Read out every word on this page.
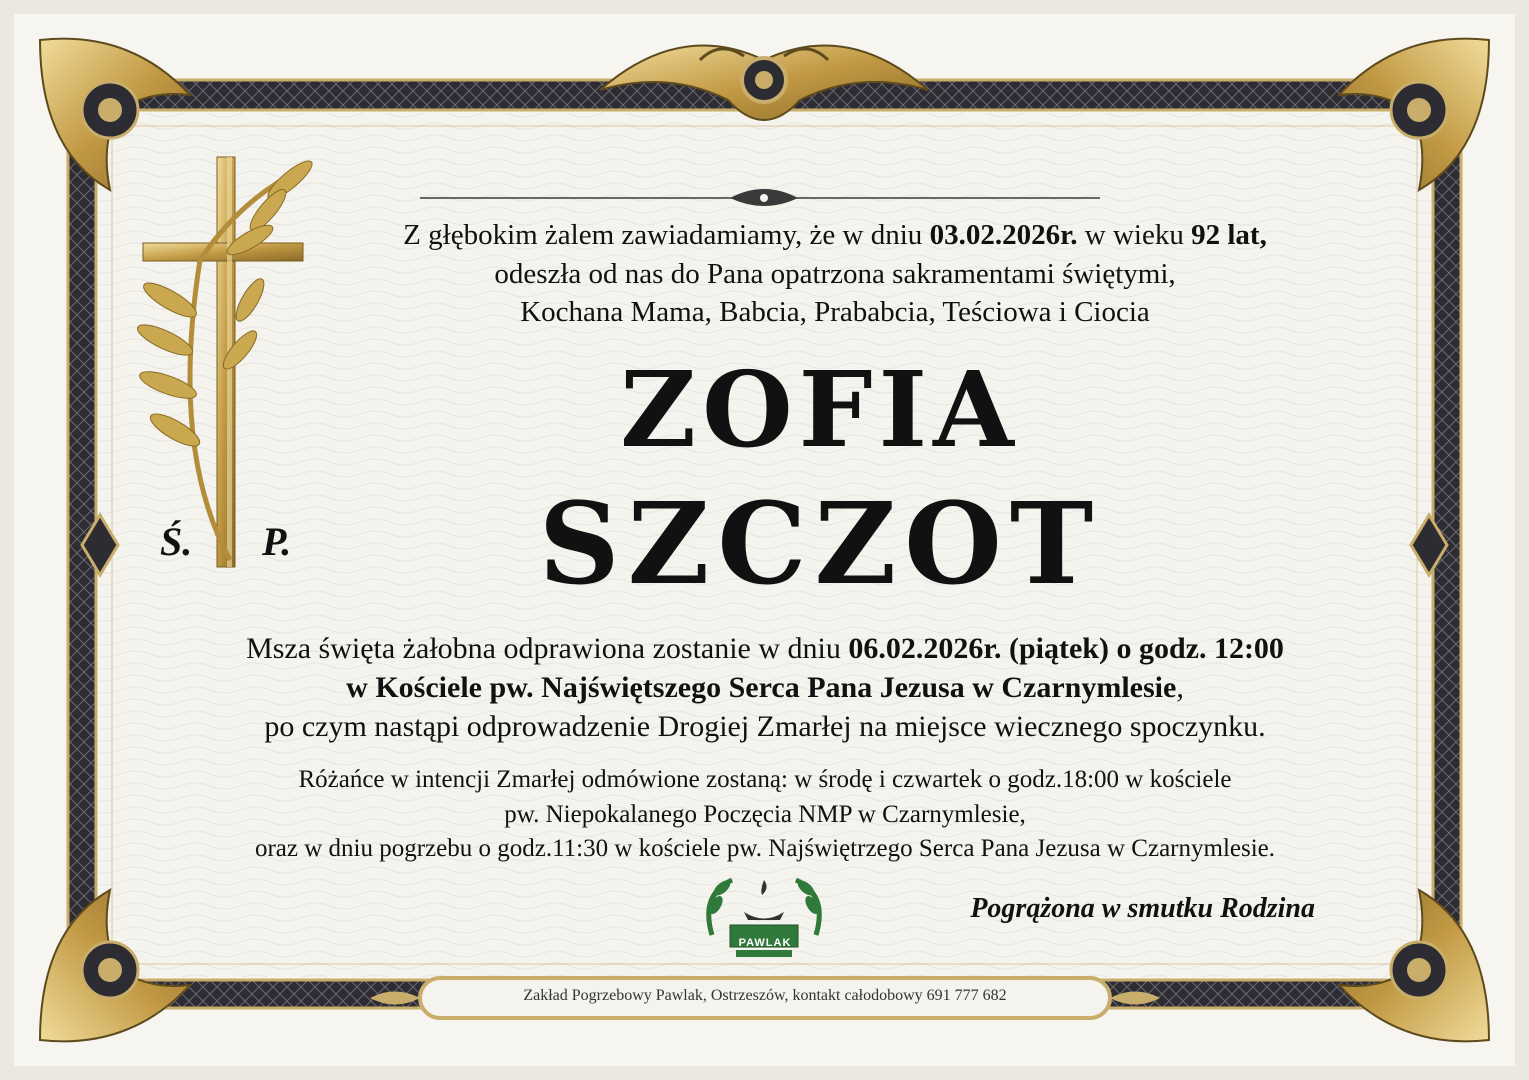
Z głębokim żalem zawiadamiamy, że w dniu 03.02.2026r. w wieku 92 lat,
odeszła od nas do Pana opatrzona sakramentami świętymi,
Kochana Mama, Babcia, Prababcia, Teściowa i Ciocia
Ś. P.
ZOFIA
SZCZOT
Msza święta żałobna odprawiona zostanie w dniu 06.02.2026r. (piątek) o godz. 12:00
w Kościele pw. Najświętszego Serca Pana Jezusa w Czarnymlesie,
po czym nastąpi odprowadzenie Drogiej Zmarłej na miejsce wiecznego spoczynku.
Różańce w intencji Zmarłej odmówione zostaną: w środę i czwartek o godz.18:00 w kościele
pw. Niepokalanego Poczęcia NMP w Czarnymlesie,
oraz w dniu pogrzebu o godz.11:30 w kościele pw. Najświętrzego Serca Pana Jezusa w Czarnymlesie.
Pogrążona w smutku Rodzina
PAWLAK
Zakład Pogrzebowy Pawlak, Ostrzeszów, kontakt całodobowy 691 777 682
